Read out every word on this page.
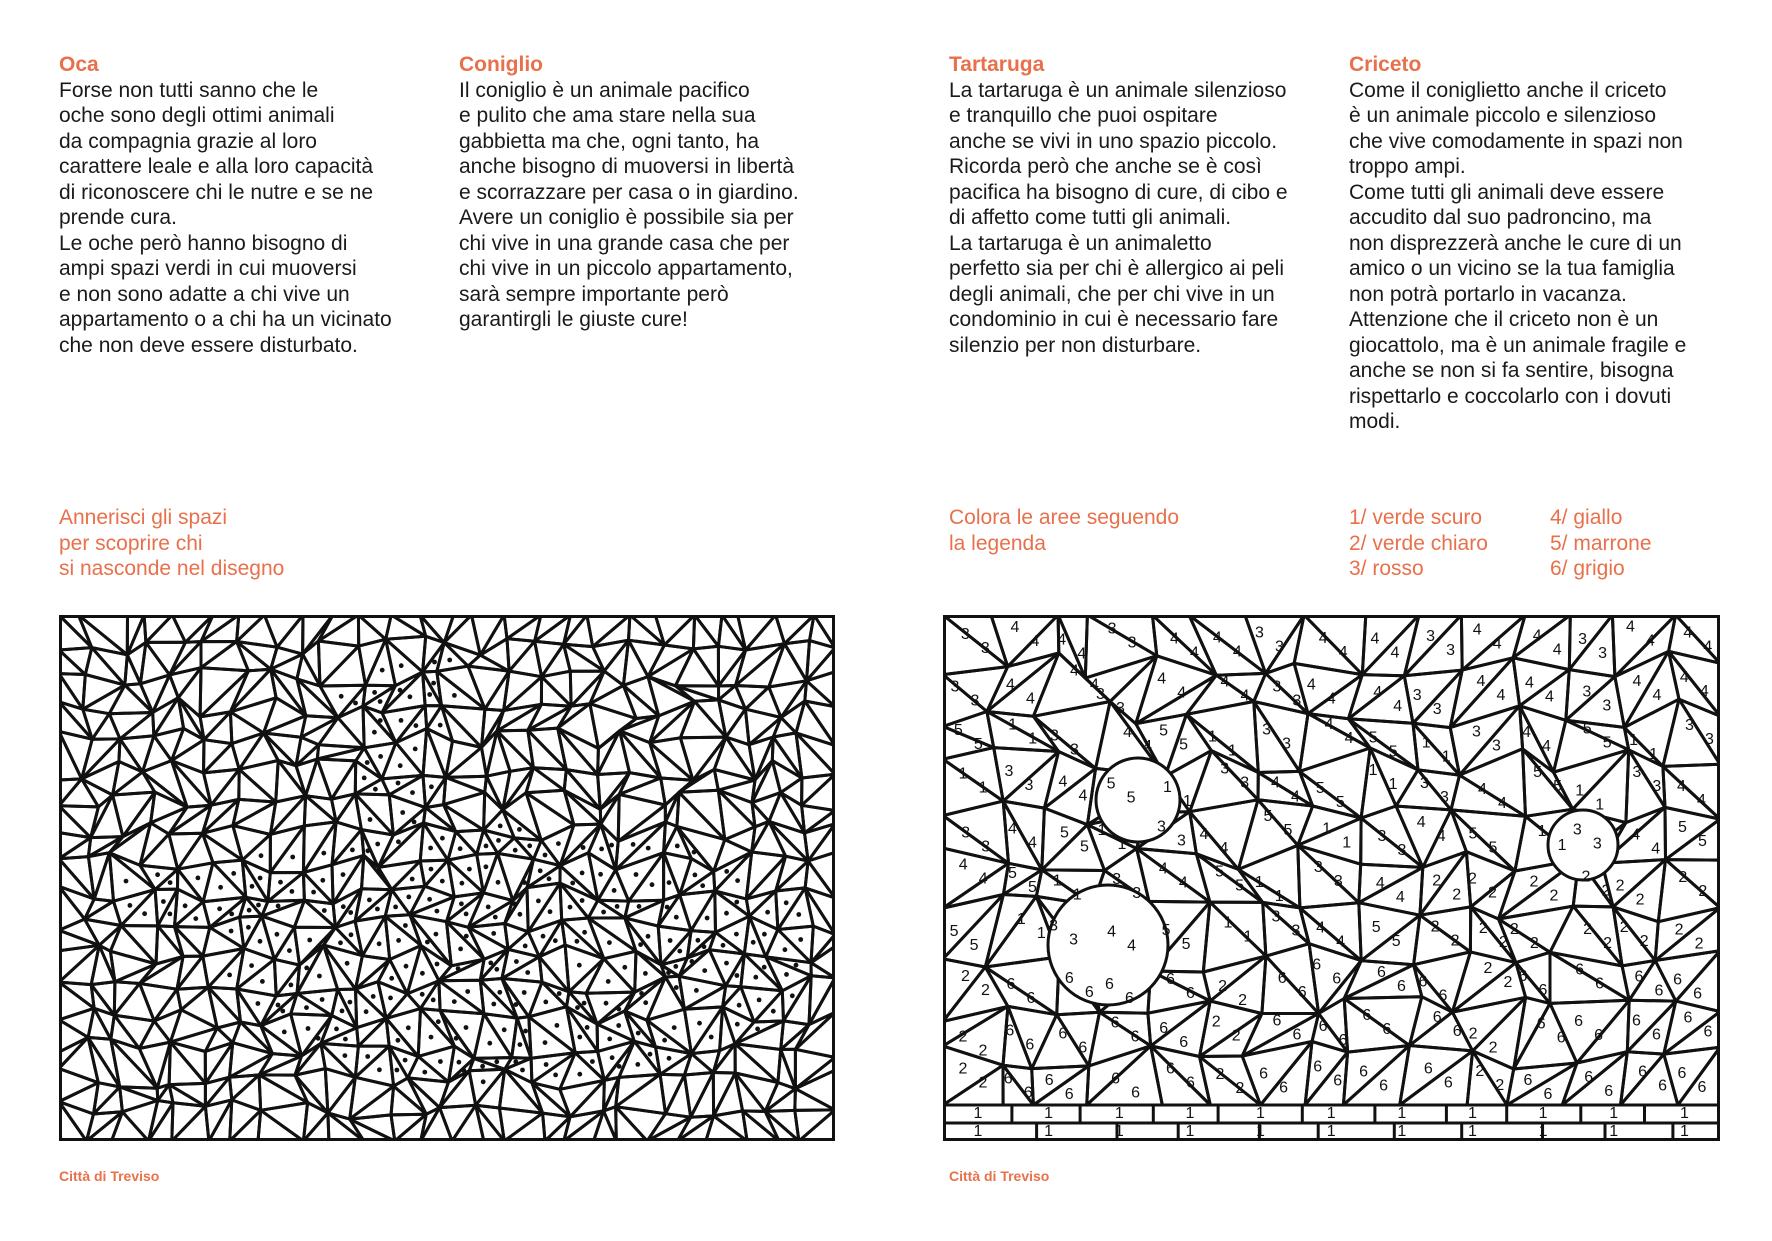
Oca

Forse non tutti sanno che le
oche sono degli ottimi animali
da compagnia grazie al loro
carattere leale e alla loro capacità
di riconoscere chi le nutre e se ne
prende cura.
Le oche però hanno bisogno di
ampi spazi verdi in cui muoversi
e non sono adatte a chi vive un
appartamento o a chi ha un vicinato
che non deve essere disturbato.

Coniglio

Il coniglio è un animale pacifico
e pulito che ama stare nella sua
gabbietta ma che, ogni tanto, ha
anche bisogno di muoversi in libertà
e scorrazzare per casa o in giardino.
Avere un coniglio è possibile sia per
chi vive in una grande casa che per
chi vive in un piccolo appartamento,
sarà sempre importante però
garantirgli le giuste cure!

Tartaruga

La tartaruga è un animale silenzioso
e tranquillo che puoi ospitare
anche se vivi in uno spazio piccolo.
Ricorda però che anche se è così
pacifica ha bisogno di cure, di cibo e
di affetto come tutti gli animali.
La tartaruga è un animaletto
perfetto sia per chi è allergico ai peli
degli animali, che per chi vive in un
condominio in cui è necessario fare
silenzio per non disturbare.

Criceto

Come il coniglietto anche il criceto
è un animale piccolo e silenzioso
che vive comodamente in spazi non
troppo ampi.
Come tutti gli animali deve essere
accudito dal suo padroncino, ma
non disprezzerà anche le cure di un
amico o un vicino se la tua famiglia
non potrà portarlo in vacanza.
Attenzione che il criceto non è un
giocattolo, ma è un animale fragile e
anche se non si fa sentire, bisogna
rispettarlo e coccolarlo con i dovuti
modi.

Annerisci gli spazi
per scoprire chi
si nasconde nel disegno
Colora le aree seguendo
la legenda
1/ verde scuro
2/ verde chiaro
3/ rosso
4/ giallo
5/ marrone
6/ grigio
3
3
4
4 4
4
3
3 4
4
4
4
3
3 4
4
4
4
3
3
4
4 4
4
3
3
4
4 4
4
3
3
4
4
4
4
3
3
4
4
4
4
3
3
4
4 4
4
3
3
4
4
4
4 3
3
4
4
4
4
5
5
1
1 3
3
4
4
5
5 1
1
3
3
4
4 5
5
1
1
3
3
4
4
5
5 1
1
3
3
1
1
3
3 4
4
5
5
1
1
3
3 4
4
5
5
1
1 3
3 4
4
5
5 1
1
3
3 4
4
3
3
4
4
5
5
1
1
3
3 4
4
5
5 1
1 3
3
4
4 5
5
1
1
3
3
4
4
5
5
4
4 5
5 1
1
3
3
4
4
5
5 1
1
3
3 4
4
2
2
2
2
2
2
2
2 2
2
2
2
5
5
1
1 3
3 4
4
5
5
1
1
3
3 4
4
5
5
2
2
2
2
2
2
2
2
2
2
2
2
2
2 6
6
6
6 6
6
6
6 2
2
6
6
6
6 6
6 6
6
2
2 6
6
6
6 6
6
6
6
2
2
6
6
6
6
6
6 6
6
2
2
6
6
6
6
6
6
6
6 2
2
6
6
6
6
6
6
6
6
2
2 6
6
6
6
6
6
6
6
2
2
6
6
6
6
6
6
6
6
2
2 6
6
6
6
6
6
6
6
1
1
1
1
1
1
1
1
1
1
1
1
1
1
1
1
1
1
1
1
1
1
Città di Treviso	Città di Treviso
